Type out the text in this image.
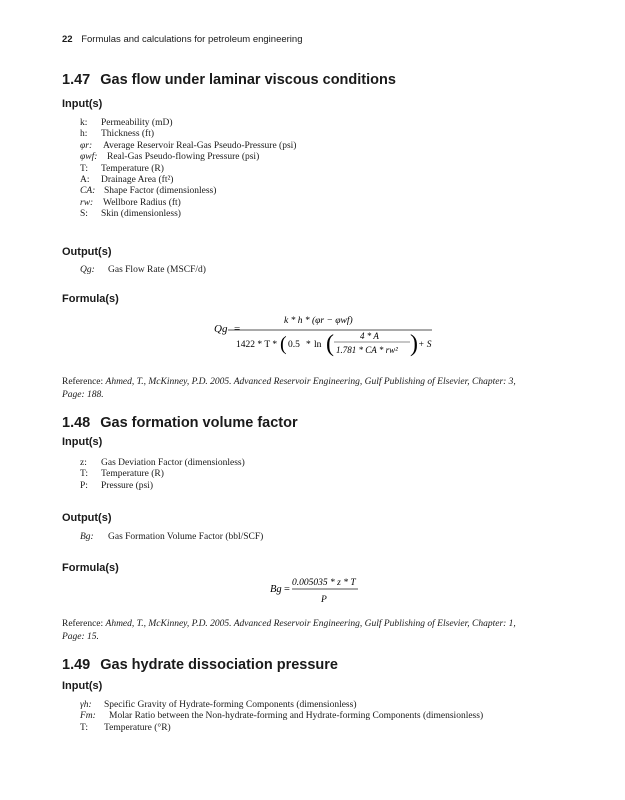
22 Formulas and calculations for petroleum engineering
1.47 Gas flow under laminar viscous conditions
Input(s)
k: Permeability (mD)
h: Thickness (ft)
φr: Average Reservoir Real-Gas Pseudo-Pressure (psi)
φwf: Real-Gas Pseudo-flowing Pressure (psi)
T: Temperature (R)
A: Drainage Area (ft²)
CA: Shape Factor (dimensionless)
rw: Wellbore Radius (ft)
S: Skin (dimensionless)
Output(s)
Qg: Gas Flow Rate (MSCF/d)
Formula(s)
Qg =
k * h * (φr − φwf)
1422 * T * ( 0.5 * ln (	4 * A
1.781 * CA * rw² ) + S
Reference: Ahmed, T., McKinney, P.D. 2005. Advanced Reservoir Engineering, Gulf Publishing of Elsevier, Chapter: 3,
Page: 188.
1.48 Gas formation volume factor
Input(s)
z: Gas Deviation Factor (dimensionless)
T: Temperature (R)
P: Pressure (psi)
Output(s)
Bg: Gas Formation Volume Factor (bbl/SCF)
Formula(s)
Bg =
0.005035 * z * T
P
Reference: Ahmed, T., McKinney, P.D. 2005. Advanced Reservoir Engineering, Gulf Publishing of Elsevier, Chapter: 1,
Page: 15.
1.49 Gas hydrate dissociation pressure
Input(s)
γh: Specific Gravity of Hydrate-forming Components (dimensionless)
Fm: Molar Ratio between the Non-hydrate-forming and Hydrate-forming Components (dimensionless)
T: Temperature (°R)
